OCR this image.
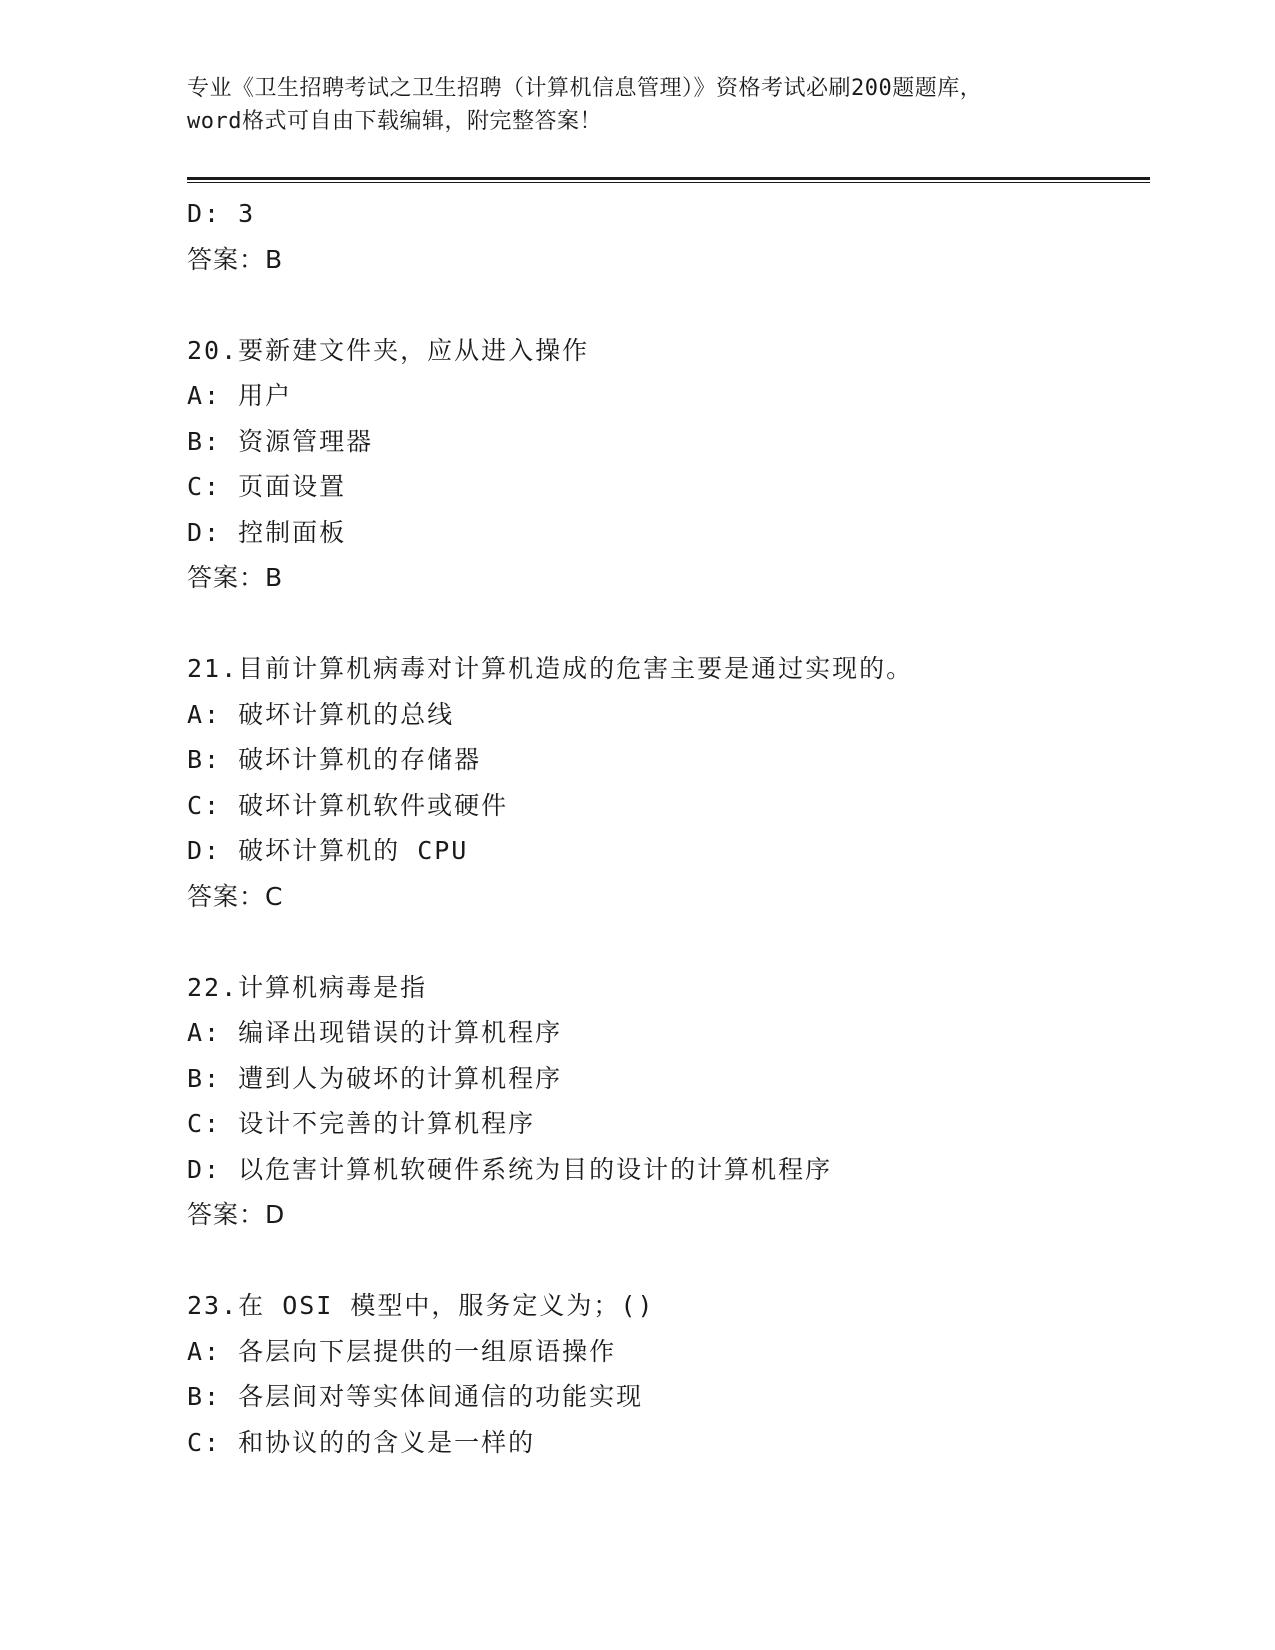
专业《卫生招聘考试之卫生招聘（计算机信息管理）》资格考试必刷200题题库，
word格式可自由下载编辑，附完整答案！
D: 3
答案：B
20.要新建文件夹，应从进入操作
A: 用户
B: 资源管理器
C: 页面设置
D: 控制面板
答案：B
21.目前计算机病毒对计算机造成的危害主要是通过实现的。
A: 破坏计算机的总线
B: 破坏计算机的存储器
C: 破坏计算机软件或硬件
D: 破坏计算机的 CPU
答案：C
22.计算机病毒是指
A: 编译出现错误的计算机程序
B: 遭到人为破坏的计算机程序
C: 设计不完善的计算机程序
D: 以危害计算机软硬件系统为目的设计的计算机程序
答案：D
23.在 OSI 模型中，服务定义为；()
A: 各层向下层提供的一组原语操作
B: 各层间对等实体间通信的功能实现
C: 和协议的的含义是一样的
